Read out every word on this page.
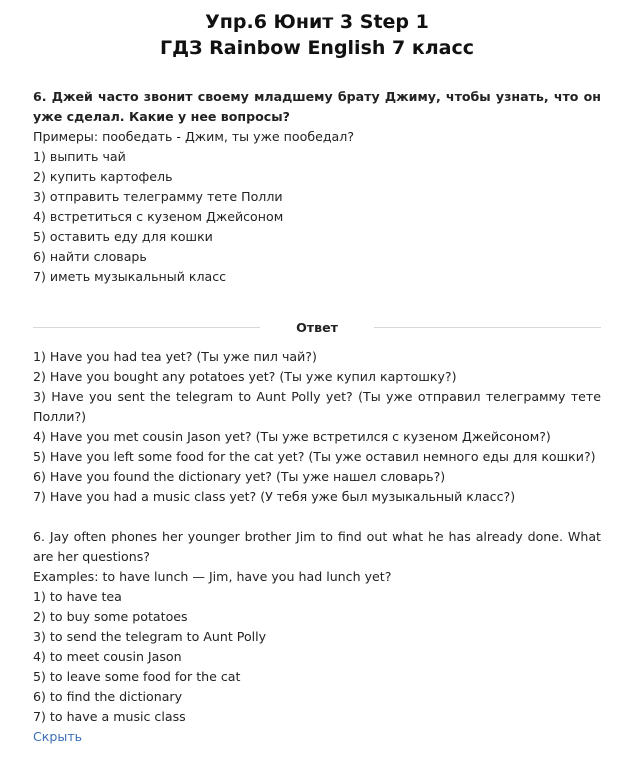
Упр.6 Юнит 3 Step 1
ГДЗ Rainbow English 7 класс
6. Джей часто звонит своему младшему брату Джиму, чтобы узнать, что он уже сделал. Какие у нее вопросы?
Примеры: пообедать - Джим, ты уже пообедал?
1) выпить чай
2) купить картофель
3) отправить телеграмму тете Полли
4) встретиться с кузеном Джейсоном
5) оставить еду для кошки
6) найти словарь
7) иметь музыкальный класс
Ответ
1) Have you had tea yet? (Ты уже пил чай?)
2) Have you bought any potatoes yet? (Ты уже купил картошку?)
3) Have you sent the telegram to Aunt Polly yet? (Ты уже отправил телеграмму тете Полли?)
4) Have you met cousin Jason yet? (Ты уже встретился с кузеном Джейсоном?)
5) Have you left some food for the cat yet? (Ты уже оставил немного еды для кошки?)
6) Have you found the dictionary yet? (Ты уже нашел словарь?)
7) Have you had a music class yet? (У тебя уже был музыкальный класс?)
6. Jay often phones her younger brother Jim to find out what he has already done. What are her questions?
Examples: to have lunch — Jim, have you had lunch yet?
1) to have tea
2) to buy some potatoes
3) to send the telegram to Aunt Polly
4) to meet cousin Jason
5) to leave some food for the cat
6) to find the dictionary
7) to have a music class
Скрыть
